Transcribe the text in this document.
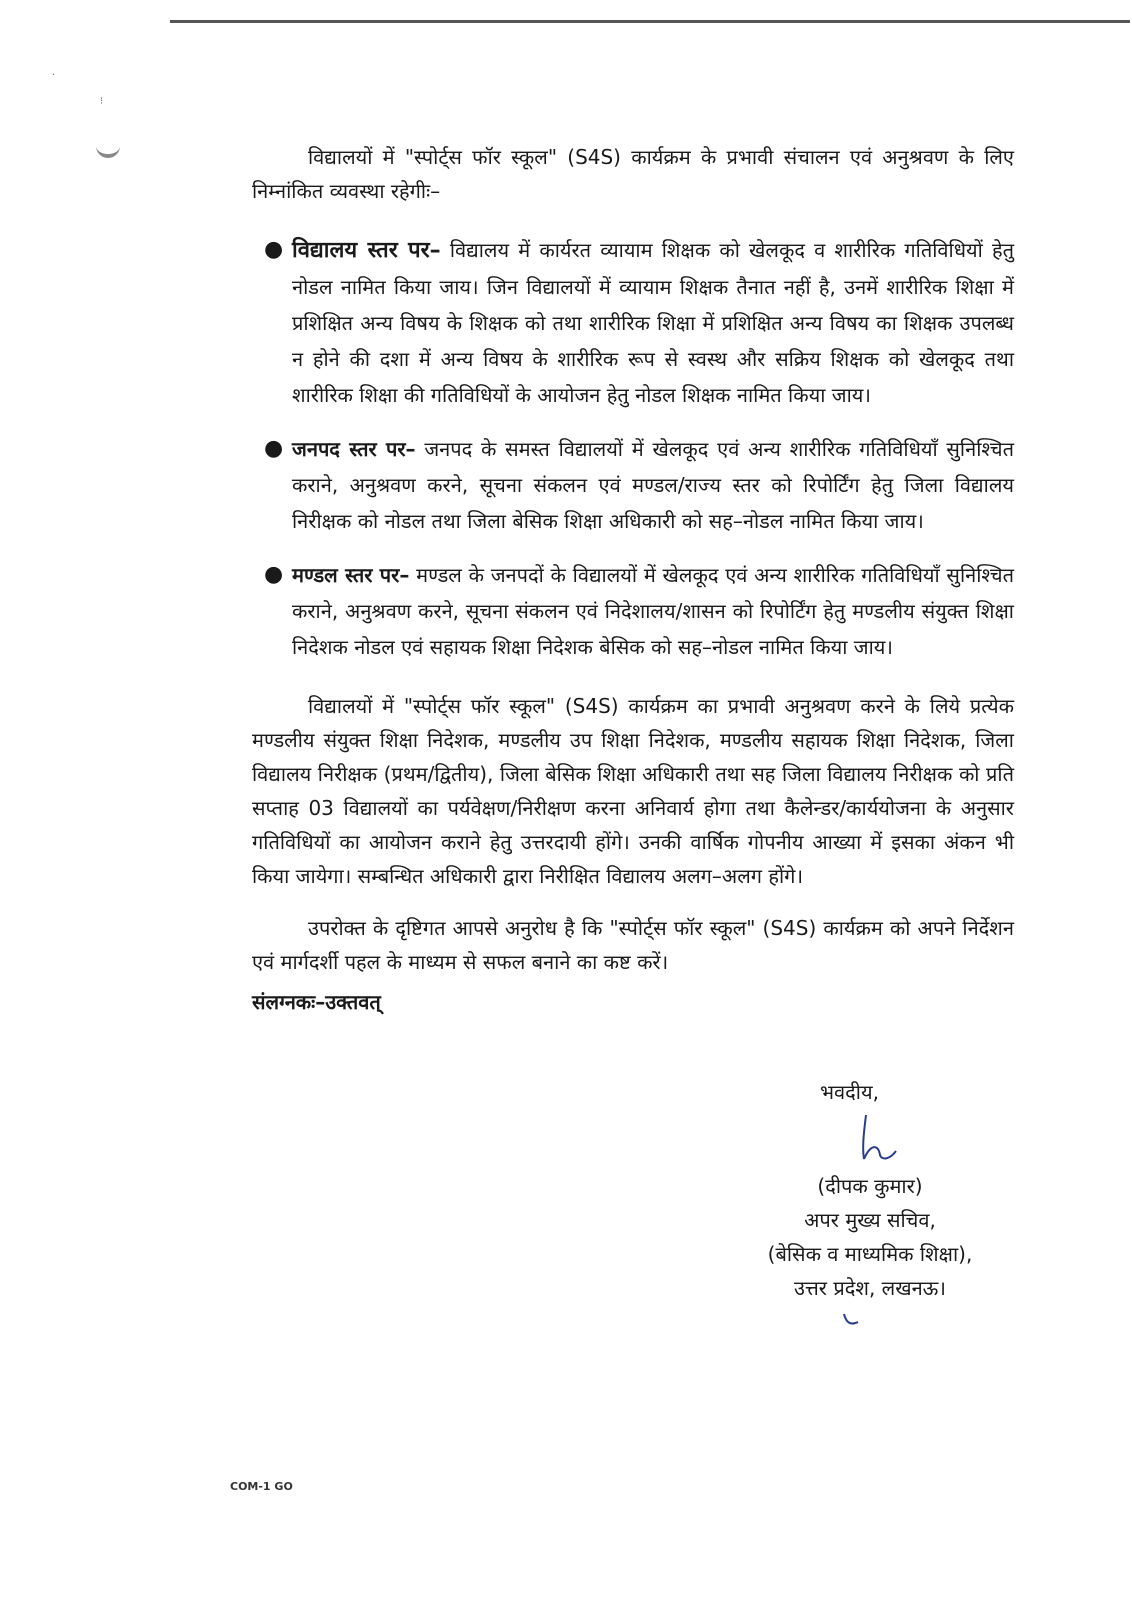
·
⁝

विद्यालयों में "स्पोर्ट्स फॉर स्कूल" (S4S) कार्यक्रम के प्रभावी संचालन एवं अनुश्रवण के लिए निम्नांकित व्यवस्था रहेगीः–

● विद्यालय स्तर पर– विद्यालय में कार्यरत व्यायाम शिक्षक को खेलकूद व शारीरिक गतिविधियों हेतु नोडल नामित किया जाय। जिन विद्यालयों में व्यायाम शिक्षक तैनात नहीं है, उनमें शारीरिक शिक्षा में प्रशिक्षित अन्य विषय के शिक्षक को तथा शारीरिक शिक्षा में प्रशिक्षित अन्य विषय का शिक्षक उपलब्ध न होने की दशा में अन्य विषय के शारीरिक रूप से स्वस्थ और सक्रिय शिक्षक को खेलकूद तथा शारीरिक शिक्षा की गतिविधियों के आयोजन हेतु नोडल शिक्षक नामित किया जाय।
● जनपद स्तर पर– जनपद के समस्त विद्यालयों में खेलकूद एवं अन्य शारीरिक गतिविधियाँ सुनिश्चित कराने, अनुश्रवण करने, सूचना संकलन एवं मण्डल/राज्य स्तर को रिपोर्टिंग हेतु जिला विद्यालय निरीक्षक को नोडल तथा जिला बेसिक शिक्षा अधिकारी को सह–नोडल नामित किया जाय।
● मण्डल स्तर पर– मण्डल के जनपदों के विद्यालयों में खेलकूद एवं अन्य शारीरिक गतिविधियाँ सुनिश्चित कराने, अनुश्रवण करने, सूचना संकलन एवं निदेशालय/शासन को रिपोर्टिंग हेतु मण्डलीय संयुक्त शिक्षा निदेशक नोडल एवं सहायक शिक्षा निदेशक बेसिक को सह–नोडल नामित किया जाय।

विद्यालयों में "स्पोर्ट्स फॉर स्कूल" (S4S) कार्यक्रम का प्रभावी अनुश्रवण करने के लिये प्रत्येक मण्डलीय संयुक्त शिक्षा निदेशक, मण्डलीय उप शिक्षा निदेशक, मण्डलीय सहायक शिक्षा निदेशक, जिला विद्यालय निरीक्षक (प्रथम/द्वितीय), जिला बेसिक शिक्षा अधिकारी तथा सह जिला विद्यालय निरीक्षक को प्रति सप्ताह 03 विद्यालयों का पर्यवेक्षण/निरीक्षण करना अनिवार्य होगा तथा कैलेन्डर/कार्ययोजना के अनुसार गतिविधियों का आयोजन कराने हेतु उत्तरदायी होंगे। उनकी वार्षिक गोपनीय आख्या में इसका अंकन भी किया जायेगा। सम्बन्धित अधिकारी द्वारा निरीक्षित विद्यालय अलग–अलग होंगे।

उपरोक्त के दृष्टिगत आपसे अनुरोध है कि "स्पोर्ट्स फॉर स्कूल" (S4S) कार्यक्रम को अपने निर्देशन एवं मार्गदर्शी पहल के माध्यम से सफल बनाने का कष्ट करें।

संलग्नकः–उक्तवत्

भवदीय,
(दीपक कुमार)
अपर मुख्य सचिव,
(बेसिक व माध्यमिक शिक्षा),
उत्तर प्रदेश, लखनऊ।
COM-1 GO
